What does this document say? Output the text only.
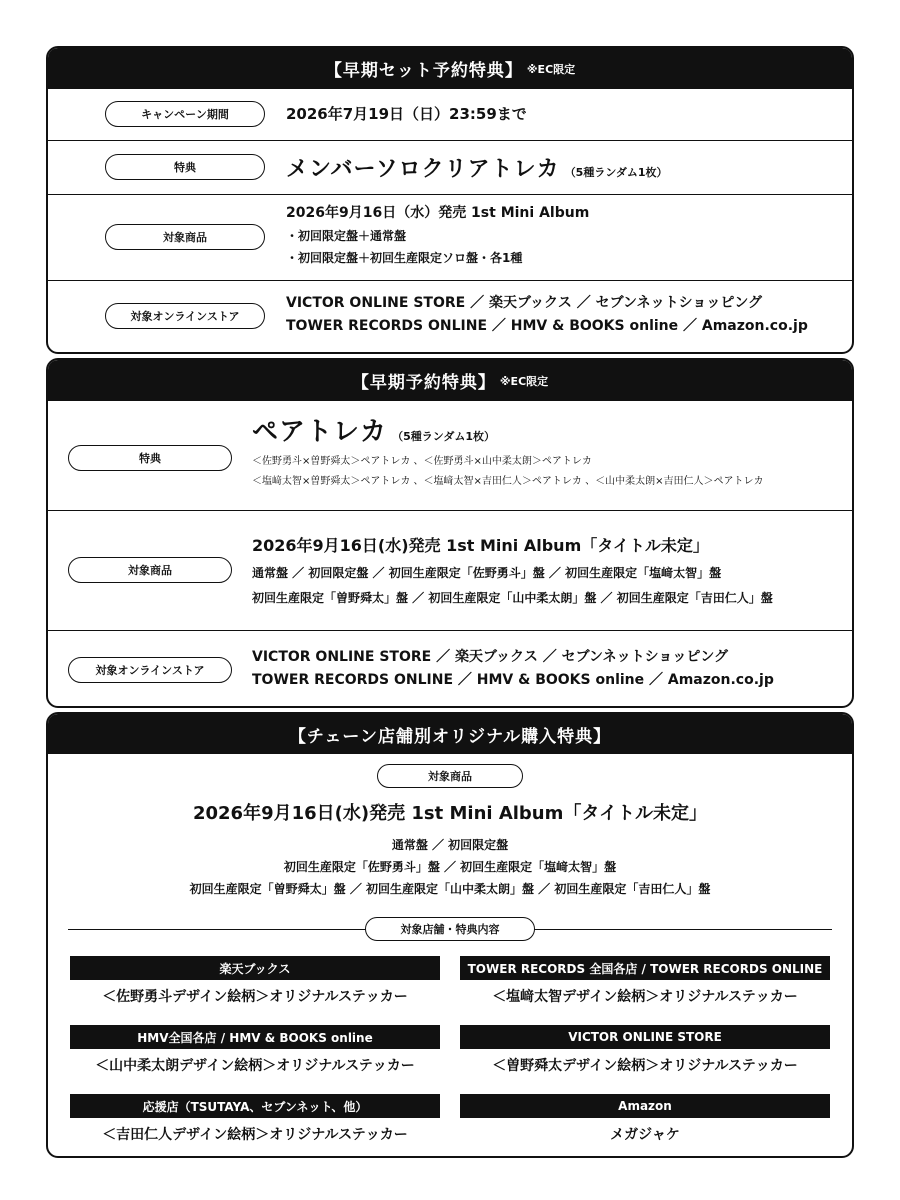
【早期セット予約特典】 ※EC限定
キャンペーン期間	2026年7月19日（日）23:59まで
特典	メンバーソロクリアトレカ （5種ランダム1枚）
対象商品
2026年9月16日（水）発売 1st Mini Album
・初回限定盤＋通常盤
・初回限定盤＋初回生産限定ソロ盤・各1種
対象オンラインストア
VICTOR ONLINE STORE ／ 楽天ブックス ／ セブンネットショッピング
TOWER RECORDS ONLINE ／ HMV & BOOKS online ／ Amazon.co.jp
【早期予約特典】 ※EC限定
特典
ペアトレカ （5種ランダム1枚）
＜佐野勇斗×曽野舜太＞ペアトレカ 、＜佐野勇斗×山中柔太朗＞ペアトレカ
＜塩﨑太智×曽野舜太＞ペアトレカ 、＜塩﨑太智×吉田仁人＞ペアトレカ 、＜山中柔太朗×吉田仁人＞ペアトレカ
対象商品
2026年9月16日(水)発売 1st Mini Album「タイトル未定」
通常盤 ／ 初回限定盤 ／ 初回生産限定「佐野勇斗」盤 ／ 初回生産限定「塩﨑太智」盤
初回生産限定「曽野舜太」盤 ／ 初回生産限定「山中柔太朗」盤 ／ 初回生産限定「吉田仁人」盤
対象オンラインストア
VICTOR ONLINE STORE ／ 楽天ブックス ／ セブンネットショッピング
TOWER RECORDS ONLINE ／ HMV & BOOKS online ／ Amazon.co.jp
【チェーン店舗別オリジナル購入特典】
対象商品
2026年9月16日(水)発売 1st Mini Album「タイトル未定」
通常盤 ／ 初回限定盤
初回生産限定「佐野勇斗」盤 ／ 初回生産限定「塩﨑太智」盤
初回生産限定「曽野舜太」盤 ／ 初回生産限定「山中柔太朗」盤 ／ 初回生産限定「吉田仁人」盤
対象店舗・特典内容
楽天ブックス
＜佐野勇斗デザイン絵柄＞オリジナルステッカー
TOWER RECORDS 全国各店 / TOWER RECORDS ONLINE
＜塩﨑太智デザイン絵柄＞オリジナルステッカー
HMV全国各店 / HMV & BOOKS online
＜山中柔太朗デザイン絵柄＞オリジナルステッカー
VICTOR ONLINE STORE
＜曽野舜太デザイン絵柄＞オリジナルステッカー
応援店（TSUTAYA、セブンネット、他）
＜吉田仁人デザイン絵柄＞オリジナルステッカー
Amazon
メガジャケ
